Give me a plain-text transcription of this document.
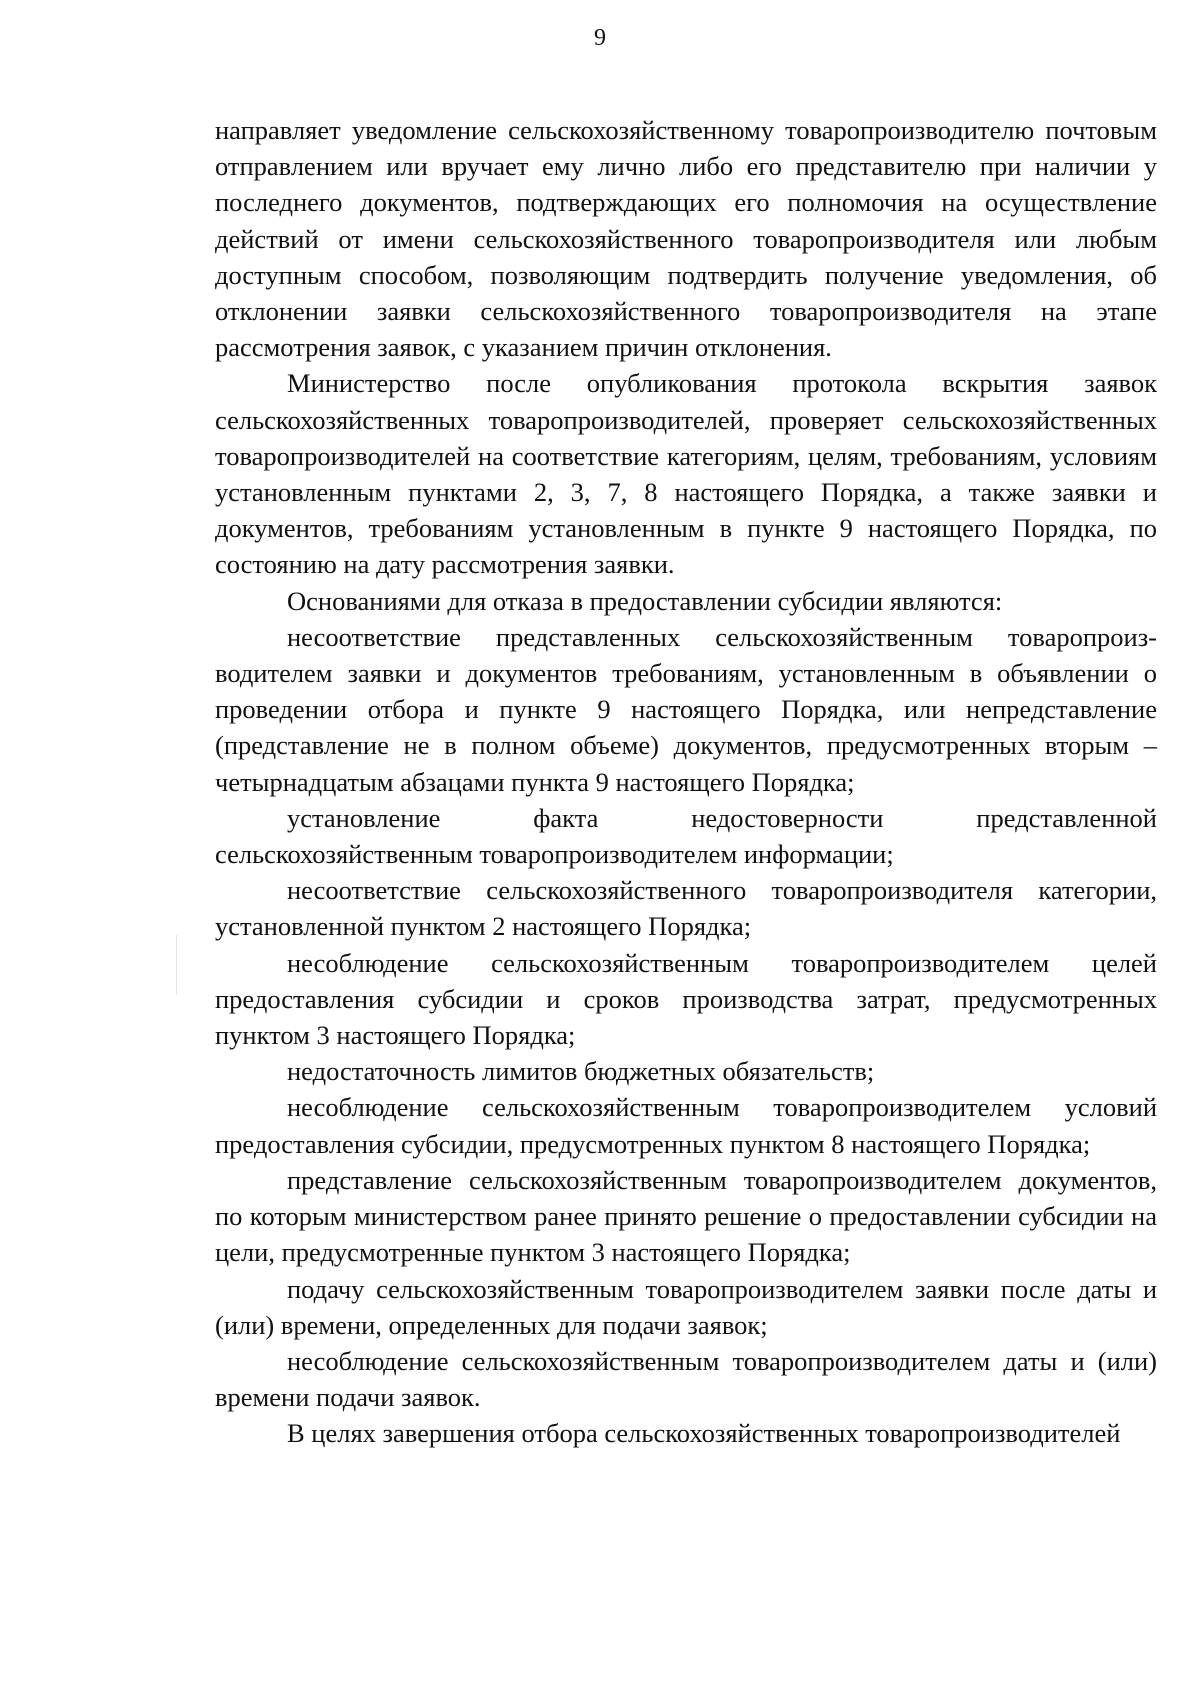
9

направляет уведомление сельскохозяйственному товаропроизводителю почтовым отправлением или вручает ему лично либо его представителю при наличии у последнего документов, подтверждающих его полномочия на осуществление действий от имени сельскохозяйственного товаропроизводителя или любым доступным способом, позволяющим подтвердить получение уведомления, об отклонении заявки сельскохозяйственного товаропроизводителя на этапе рассмотрения заявок, с указанием причин отклонения.

Министерство после опубликования протокола вскрытия заявок сельскохозяйственных товаропроизводителей, проверяет сельскохозяйственных товаропроизводителей на соответствие категориям, целям, требованиям, условиям установленным пунктами 2, 3, 7, 8 настоящего Порядка, а также заявки и документов, требованиям установленным в пункте 9 настоящего Порядка, по состоянию на дату рассмотрения заявки.

Основаниями для отказа в предоставлении субсидии являются:

несоответствие представленных сельскохозяйственным товаропроиз-водителем заявки и документов требованиям, установленным в объявлении о проведении отбора и пункте 9 настоящего Порядка, или непредставление (представление не в полном объеме) документов, предусмотренных вторым – четырнадцатым абзацами пункта 9 настоящего Порядка;

установление факта недостоверности представленной сельскохозяйственным товаропроизводителем информации;

несоответствие сельскохозяйственного товаропроизводителя категории, установленной пунктом 2 настоящего Порядка;

несоблюдение сельскохозяйственным товаропроизводителем целей предоставления субсидии и сроков производства затрат, предусмотренных пунктом 3 настоящего Порядка;

недостаточность лимитов бюджетных обязательств;

несоблюдение сельскохозяйственным товаропроизводителем условий предоставления субсидии, предусмотренных пунктом 8 настоящего Порядка;

представление сельскохозяйственным товаропроизводителем документов, по которым министерством ранее принято решение о предоставлении субсидии на цели, предусмотренные пунктом 3 настоящего Порядка;

подачу сельскохозяйственным товаропроизводителем заявки после даты и (или) времени, определенных для подачи заявок;

несоблюдение сельскохозяйственным товаропроизводителем даты и (или) времени подачи заявок.

В целях завершения отбора сельскохозяйственных товаропроизводителей
